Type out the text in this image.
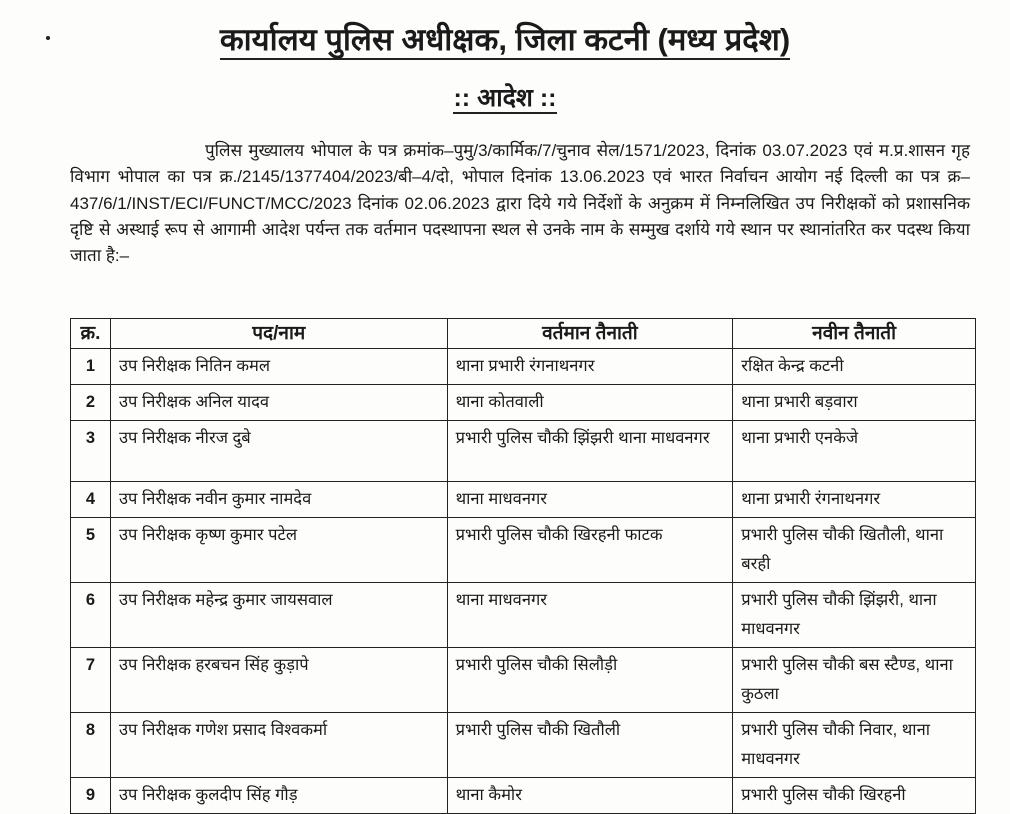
कार्यालय पुलिस अधीक्षक, जिला कटनी (मध्य प्रदेश)
:: आदेश ::
पुलिस मुख्यालय भोपाल के पत्र क्रमांक–पुमु/3/कार्मिक/7/चुनाव सेल/1571/2023, दिनांक 03.07.2023 एवं म.प्र.शासन गृह विभाग भोपाल का पत्र क्र./2145/1377404/2023/बी–4/दो, भोपाल दिनांक 13.06.2023 एवं भारत निर्वाचन आयोग नई दिल्ली का पत्र क्र–437/6/1/INST/ECI/FUNCT/MCC/2023 दिनांक 02.06.2023 द्वारा दिये गये निर्देशों के अनुक्रम में निम्नलिखित उप निरीक्षकों को प्रशासनिक दृष्टि से अस्थाई रूप से आगामी आदेश पर्यन्त तक वर्तमान पदस्थापना स्थल से उनके नाम के सम्मुख दर्शाये गये स्थान पर स्थानांतरित कर पदस्थ किया जाता है:–
क्र.	पद/नाम	वर्तमान तैनाती	नवीन तैनाती
1	उप निरीक्षक नितिन कमल	थाना प्रभारी रंगनाथनगर	रक्षित केन्द्र कटनी
2	उप निरीक्षक अनिल यादव	थाना कोतवाली	थाना प्रभारी बड़वारा
3	उप निरीक्षक नीरज दुबे	प्रभारी पुलिस चौकी झिंझरी थाना माधवनगर	थाना प्रभारी एनकेजे
4	उप निरीक्षक नवीन कुमार नामदेव	थाना माधवनगर	थाना प्रभारी रंगनाथनगर
5	उप निरीक्षक कृष्ण कुमार पटेल	प्रभारी पुलिस चौकी खिरहनी फाटक	प्रभारी पुलिस चौकी खितौली, थाना बरही
6	उप निरीक्षक महेन्द्र कुमार जायसवाल	थाना माधवनगर	प्रभारी पुलिस चौकी झिंझरी, थाना माधवनगर
7	उप निरीक्षक हरबचन सिंह कुड़ापे	प्रभारी पुलिस चौकी सिलौड़ी	प्रभारी पुलिस चौकी बस स्टैण्ड, थाना कुठला
8	उप निरीक्षक गणेश प्रसाद विश्वकर्मा	प्रभारी पुलिस चौकी खितौली	प्रभारी पुलिस चौकी निवार, थाना माधवनगर
9	उप निरीक्षक कुलदीप सिंह गौड़	थाना कैमोर	प्रभारी पुलिस चौकी खिरहनी
